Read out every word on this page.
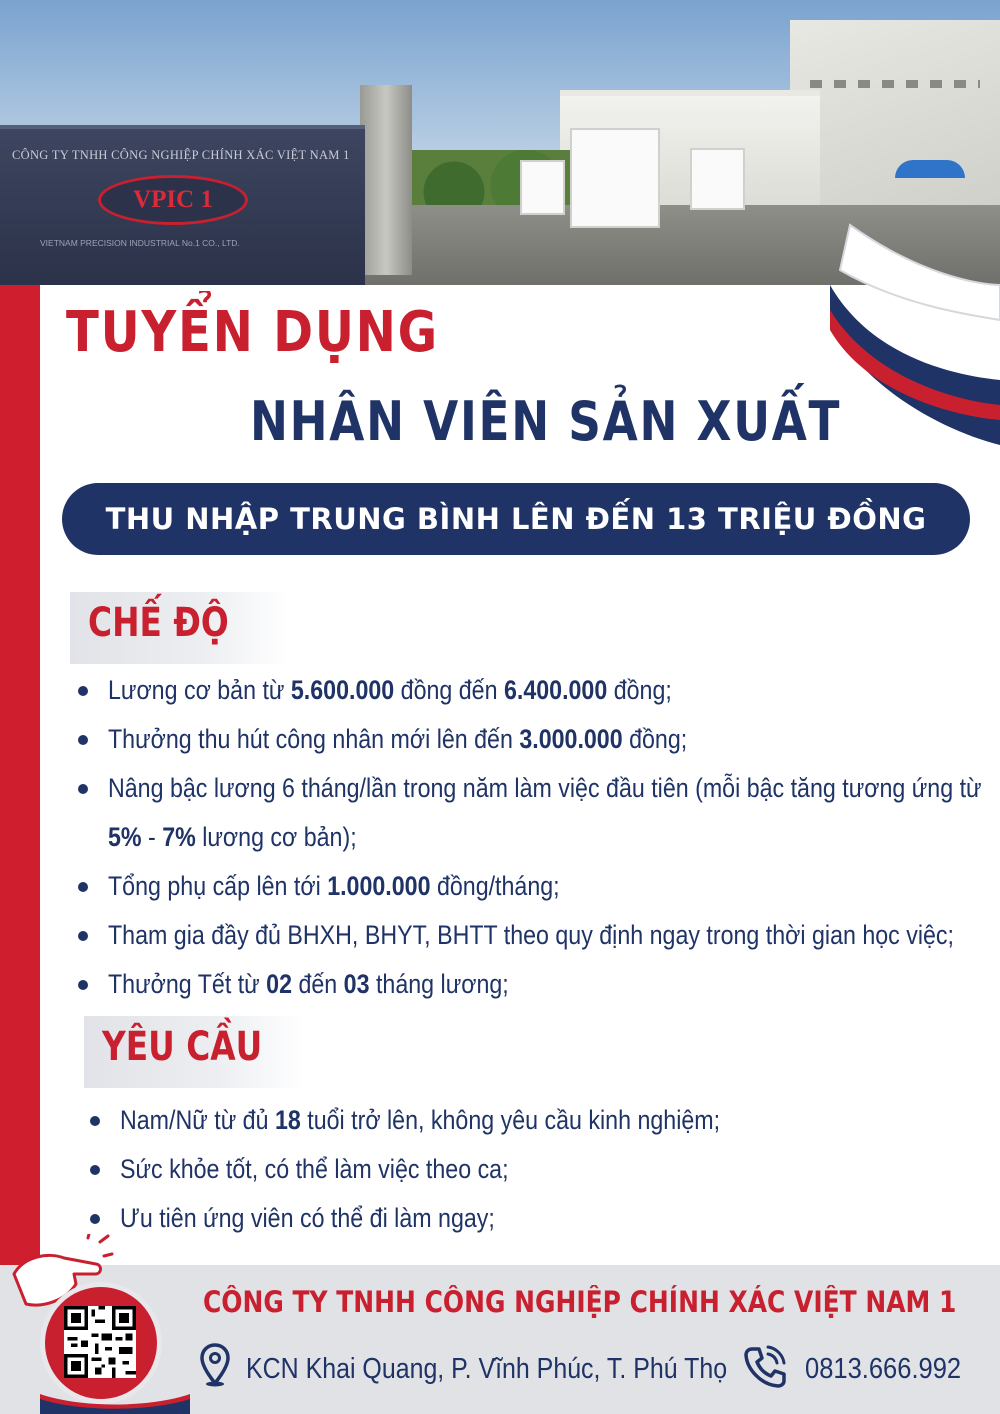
CÔNG TY TNHH CÔNG NGHIỆP CHÍNH XÁC VIỆT NAM 1
VPIC 1
VIETNAM PRECISION INDUSTRIAL No.1 CO., LTD.
TUYỂN DỤNG
NHÂN VIÊN SẢN XUẤT
THU NHẬP TRUNG BÌNH LÊN ĐẾN 13 TRIỆU ĐỒNG
CHẾ ĐỘ
Lương cơ bản từ 5.600.000 đồng đến 6.400.000 đồng;
Thưởng thu hút công nhân mới lên đến 3.000.000 đồng;
Nâng bậc lương 6 tháng/lần trong năm làm việc đầu tiên (mỗi bậc tăng tương ứng từ
5% - 7% lương cơ bản);
Tổng phụ cấp lên tới 1.000.000 đồng/tháng;
Tham gia đầy đủ BHXH, BHYT, BHTT theo quy định ngay trong thời gian học việc;
Thưởng Tết từ 02 đến 03 tháng lương;
YÊU CẦU
Nam/Nữ từ đủ 18 tuổi trở lên, không yêu cầu kinh nghiệm;
Sức khỏe tốt, có thể làm việc theo ca;
Ưu tiên ứng viên có thể đi làm ngay;
CÔNG TY TNHH CÔNG NGHIỆP CHÍNH XÁC VIỆT NAM 1
KCN Khai Quang, P. Vĩnh Phúc, T. Phú Thọ	0813.666.992
